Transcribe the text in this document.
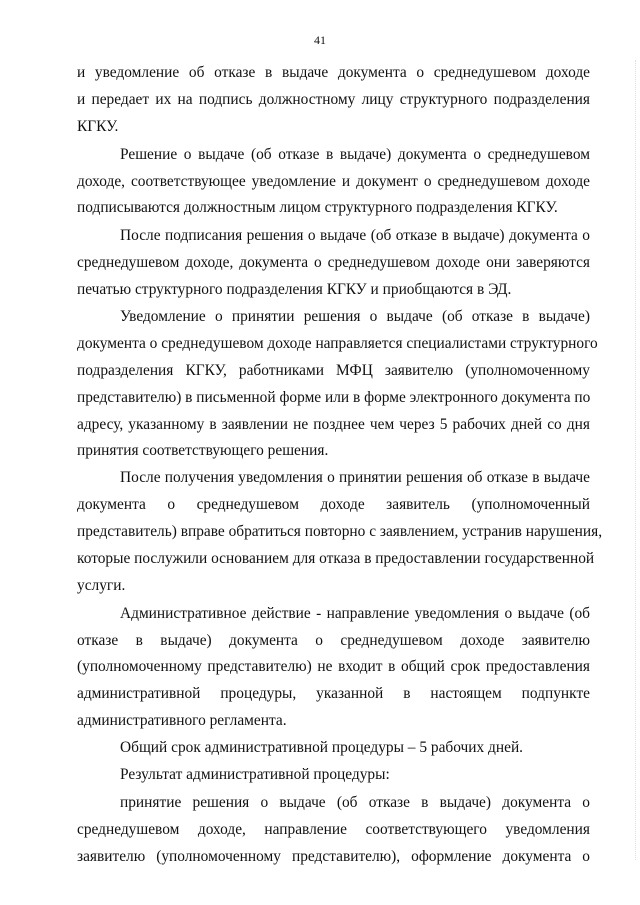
41
и уведомление об отказе в выдаче документа о среднедушевом доходе
и передает их на подпись должностному лицу структурного подразделения
КГКУ.
Решение о выдаче (об отказе в выдаче) документа о среднедушевом
доходе, соответствующее уведомление и документ о среднедушевом доходе
подписываются должностным лицом структурного подразделения КГКУ.
После подписания решения о выдаче (об отказе в выдаче) документа о
среднедушевом доходе, документа о среднедушевом доходе они заверяются
печатью структурного подразделения КГКУ и приобщаются в ЭД.
Уведомление о принятии решения о выдаче (об отказе в выдаче)
документа о среднедушевом доходе направляется специалистами структурного
подразделения КГКУ, работниками МФЦ заявителю (уполномоченному
представителю) в письменной форме или в форме электронного документа по
адресу, указанному в заявлении не позднее чем через 5 рабочих дней со дня
принятия соответствующего решения.
После получения уведомления о принятии решения об отказе в выдаче
документа о среднедушевом доходе заявитель (уполномоченный
представитель) вправе обратиться повторно с заявлением, устранив нарушения,
которые послужили основанием для отказа в предоставлении государственной
услуги.
Административное действие - направление уведомления о выдаче (об
отказе в выдаче) документа о среднедушевом доходе заявителю
(уполномоченному представителю) не входит в общий срок предоставления
административной процедуры, указанной в настоящем подпункте
административного регламента.
Общий срок административной процедуры – 5 рабочих дней.
Результат административной процедуры:
принятие решения о выдаче (об отказе в выдаче) документа о
среднедушевом доходе, направление соответствующего уведомления
заявителю (уполномоченному представителю), оформление документа о
